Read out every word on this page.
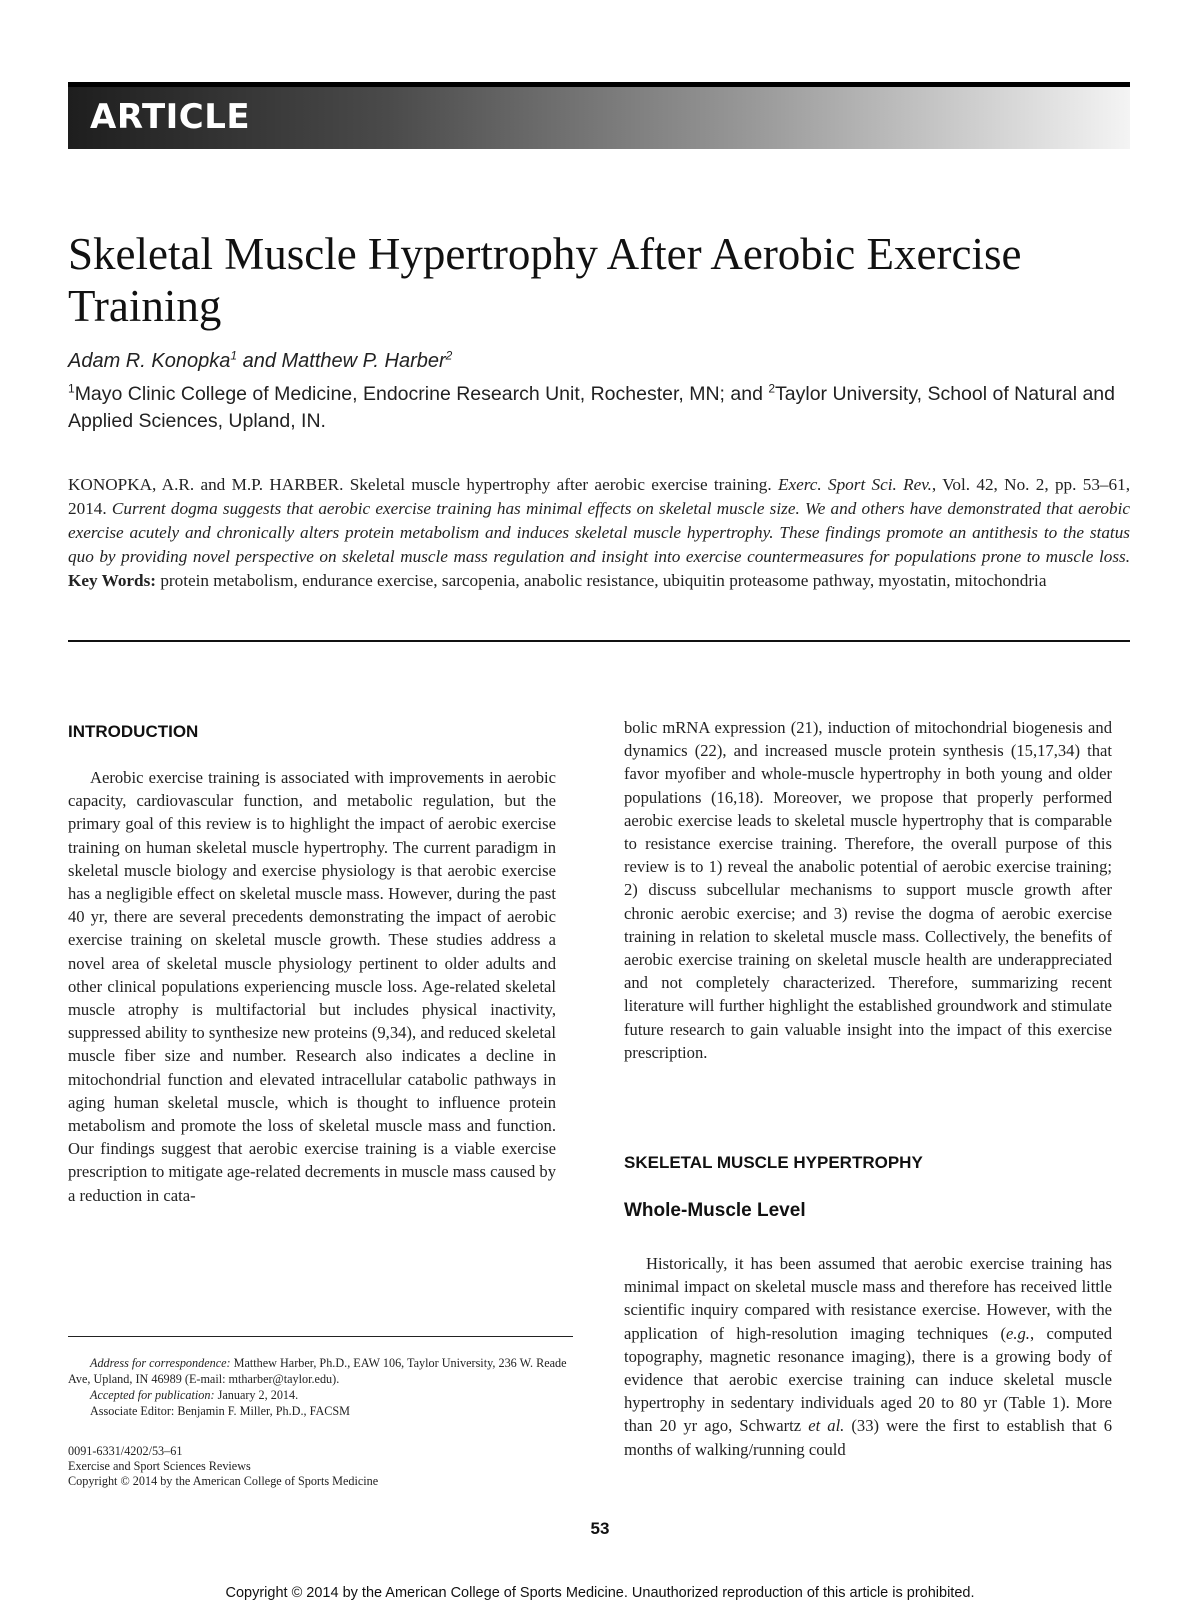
ARTICLE
Skeletal Muscle Hypertrophy After Aerobic Exercise Training
Adam R. Konopka$^1$ and Matthew P. Harber$^2$
$^1$Mayo Clinic College of Medicine, Endocrine Research Unit, Rochester, MN; and $^2$Taylor University, School of Natural and Applied Sciences, Upland, IN.
KONOPKA, A.R. and M.P. HARBER. Skeletal muscle hypertrophy after aerobic exercise training. Exerc. Sport Sci. Rev., Vol. 42, No. 2, pp. 53–61, 2014. Current dogma suggests that aerobic exercise training has minimal effects on skeletal muscle size. We and others have demonstrated that aerobic exercise acutely and chronically alters protein metabolism and induces skeletal muscle hypertrophy. These findings promote an antithesis to the status quo by providing novel perspective on skeletal muscle mass regulation and insight into exercise countermeasures for populations prone to muscle loss. Key Words: protein metabolism, endurance exercise, sarcopenia, anabolic resistance, ubiquitin proteasome pathway, myostatin, mitochondria
INTRODUCTION

Aerobic exercise training is associated with improvements in aerobic capacity, cardiovascular function, and metabolic regulation, but the primary goal of this review is to highlight the impact of aerobic exercise training on human skeletal muscle hypertrophy. The current paradigm in skeletal muscle biology and exercise physiology is that aerobic exercise has a negligible effect on skeletal muscle mass. However, during the past 40 yr, there are several precedents demonstrating the impact of aerobic exercise training on skeletal muscle growth. These studies address a novel area of skeletal muscle physiology pertinent to older adults and other clinical populations experiencing muscle loss. Age-related skeletal muscle atrophy is multifactorial but includes physical inactivity, suppressed ability to synthesize new proteins (9,34), and reduced skeletal muscle fiber size and number. Research also indicates a decline in mitochondrial function and elevated intracellular catabolic pathways in aging human skeletal muscle, which is thought to influence protein metabolism and promote the loss of skeletal muscle mass and function. Our findings suggest that aerobic exercise training is a viable exercise prescription to mitigate age-related decrements in muscle mass caused by a reduction in cata-

bolic mRNA expression (21), induction of mitochondrial biogenesis and dynamics (22), and increased muscle protein synthesis (15,17,34) that favor myofiber and whole-muscle hypertrophy in both young and older populations (16,18). Moreover, we propose that properly performed aerobic exercise leads to skeletal muscle hypertrophy that is comparable to resistance exercise training. Therefore, the overall purpose of this review is to 1) reveal the anabolic potential of aerobic exercise training; 2) discuss subcellular mechanisms to support muscle growth after chronic aerobic exercise; and 3) revise the dogma of aerobic exercise training in relation to skeletal muscle mass. Collectively, the benefits of aerobic exercise training on skeletal muscle health are underappreciated and not completely characterized. Therefore, summarizing recent literature will further highlight the established groundwork and stimulate future research to gain valuable insight into the impact of this exercise prescription.

SKELETAL MUSCLE HYPERTROPHY
Whole-Muscle Level

Historically, it has been assumed that aerobic exercise training has minimal impact on skeletal muscle mass and therefore has received little scientific inquiry compared with resistance exercise. However, with the application of high-resolution imaging techniques (e.g., computed topography, magnetic resonance imaging), there is a growing body of evidence that aerobic exercise training can induce skeletal muscle hypertrophy in sedentary individuals aged 20 to 80 yr (Table 1). More than 20 yr ago, Schwartz et al. (33) were the first to establish that 6 months of walking/running could

Address for correspondence: Matthew Harber, Ph.D., EAW 106, Taylor University, 236 W. Reade Ave, Upland, IN 46989 (E-mail: mtharber@taylor.edu).
Accepted for publication: January 2, 2014.
Associate Editor: Benjamin F. Miller, Ph.D., FACSM
0091-6331/4202/53–61
Exercise and Sport Sciences Reviews
Copyright © 2014 by the American College of Sports Medicine
53
Copyright © 2014 by the American College of Sports Medicine. Unauthorized reproduction of this article is prohibited.
